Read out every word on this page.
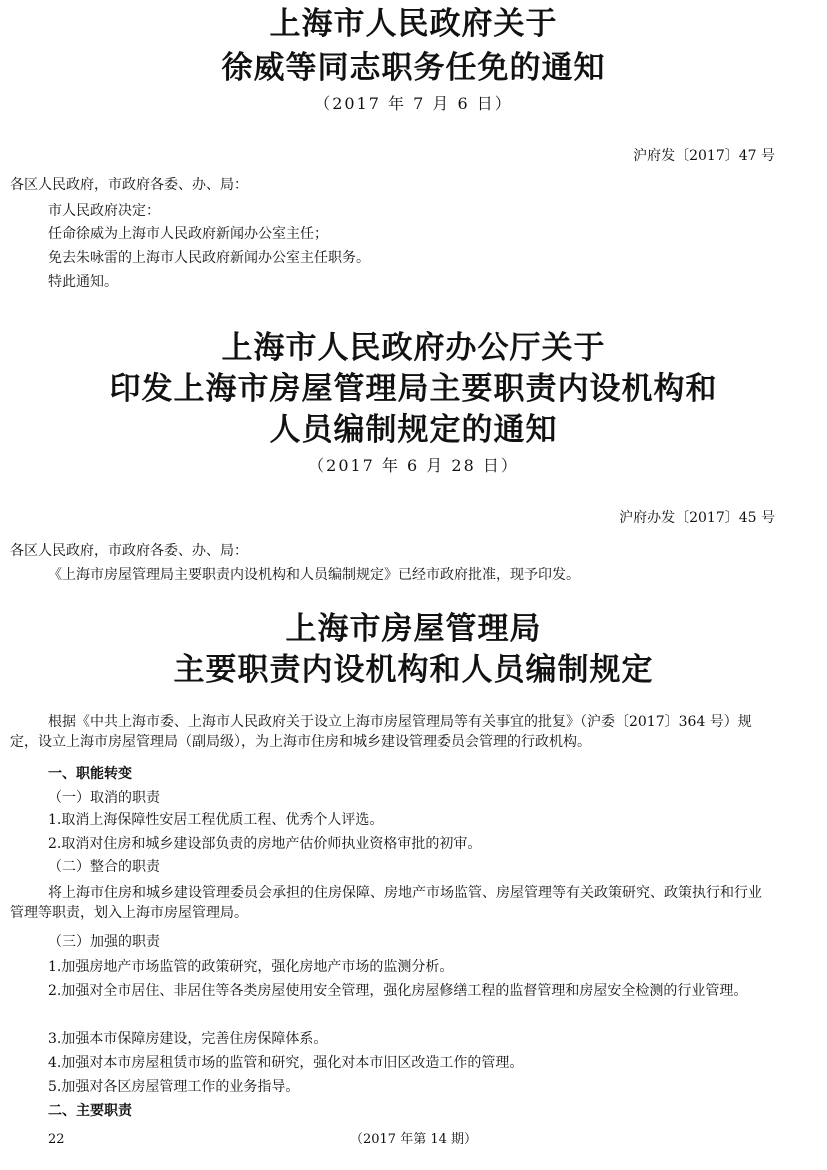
上海市人民政府关于
徐威等同志职务任免的通知
（2017 年 7 月 6 日）
沪府发〔2017〕47 号
各区人民政府，市政府各委、办、局：
市人民政府决定：
任命徐威为上海市人民政府新闻办公室主任；
免去朱咏雷的上海市人民政府新闻办公室主任职务。
特此通知。
上海市人民政府办公厅关于
印发上海市房屋管理局主要职责内设机构和
人员编制规定的通知
（2017 年 6 月 28 日）
沪府办发〔2017〕45 号
各区人民政府，市政府各委、办、局：
《上海市房屋管理局主要职责内设机构和人员编制规定》已经市政府批准，现予印发。
上海市房屋管理局
主要职责内设机构和人员编制规定
根据《中共上海市委、上海市人民政府关于设立上海市房屋管理局等有关事宜的批复》（沪委〔2017〕364 号）规定，设立上海市房屋管理局（副局级），为上海市住房和城乡建设管理委员会管理的行政机构。
一、职能转变
（一）取消的职责
1.取消上海保障性安居工程优质工程、优秀个人评选。
2.取消对住房和城乡建设部负责的房地产估价师执业资格审批的初审。
（二）整合的职责
将上海市住房和城乡建设管理委员会承担的住房保障、房地产市场监管、房屋管理等有关政策研究、政策执行和行业管理等职责，划入上海市房屋管理局。
（三）加强的职责
1.加强房地产市场监管的政策研究，强化房地产市场的监测分析。
2.加强对全市居住、非居住等各类房屋使用安全管理，强化房屋修缮工程的监督管理和房屋安全检测的行业管理。
3.加强本市保障房建设，完善住房保障体系。
4.加强对本市房屋租赁市场的监管和研究，强化对本市旧区改造工作的管理。
5.加强对各区房屋管理工作的业务指导。
二、主要职责
22	（2017 年第 14 期）
